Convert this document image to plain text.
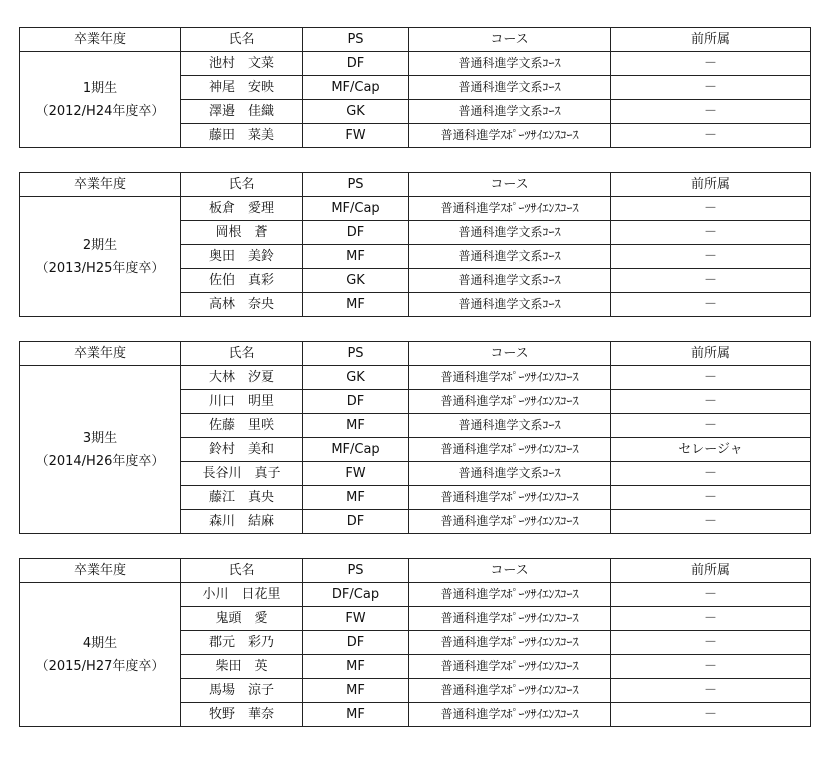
卒業年度	氏名	PS	コース	前所属

1期生
（2012/H24年度卒）	池村　文菜	DF	普通科進学文系ｺｰｽ	－
	神尾　安映	MF/Cap	普通科進学文系ｺｰｽ	－
	澤邉　佳織	GK	普通科進学文系ｺｰｽ	－
	藤田　菜美	FW	普通科進学ｽﾎﾟｰﾂｻｲｴﾝｽｺｰｽ	－
卒業年度	氏名	PS	コース	前所属

2期生
（2013/H25年度卒）	板倉　愛理	MF/Cap	普通科進学ｽﾎﾟｰﾂｻｲｴﾝｽｺｰｽ	－
	岡根　蒼	DF	普通科進学文系ｺｰｽ	－
	奥田　美鈴	MF	普通科進学文系ｺｰｽ	－
	佐伯　真彩	GK	普通科進学文系ｺｰｽ	－
	高林　奈央	MF	普通科進学文系ｺｰｽ	－
卒業年度	氏名	PS	コース	前所属

3期生
（2014/H26年度卒）	大林　汐夏	GK	普通科進学ｽﾎﾟｰﾂｻｲｴﾝｽｺｰｽ	－
	川口　明里	DF	普通科進学ｽﾎﾟｰﾂｻｲｴﾝｽｺｰｽ	－
	佐藤　里咲	MF	普通科進学文系ｺｰｽ	－
	鈴村　美和	MF/Cap	普通科進学ｽﾎﾟｰﾂｻｲｴﾝｽｺｰｽ	セレージャ
	長谷川　真子	FW	普通科進学文系ｺｰｽ	－
	藤江　真央	MF	普通科進学ｽﾎﾟｰﾂｻｲｴﾝｽｺｰｽ	－
	森川　結麻	DF	普通科進学ｽﾎﾟｰﾂｻｲｴﾝｽｺｰｽ	－
卒業年度	氏名	PS	コース	前所属

4期生
（2015/H27年度卒）	小川　日花里	DF/Cap	普通科進学ｽﾎﾟｰﾂｻｲｴﾝｽｺｰｽ	－
	鬼頭　愛	FW	普通科進学ｽﾎﾟｰﾂｻｲｴﾝｽｺｰｽ	－
	郡元　彩乃	DF	普通科進学ｽﾎﾟｰﾂｻｲｴﾝｽｺｰｽ	－
	柴田　英	MF	普通科進学ｽﾎﾟｰﾂｻｲｴﾝｽｺｰｽ	－
	馬場　涼子	MF	普通科進学ｽﾎﾟｰﾂｻｲｴﾝｽｺｰｽ	－
	牧野　華奈	MF	普通科進学ｽﾎﾟｰﾂｻｲｴﾝｽｺｰｽ	－
